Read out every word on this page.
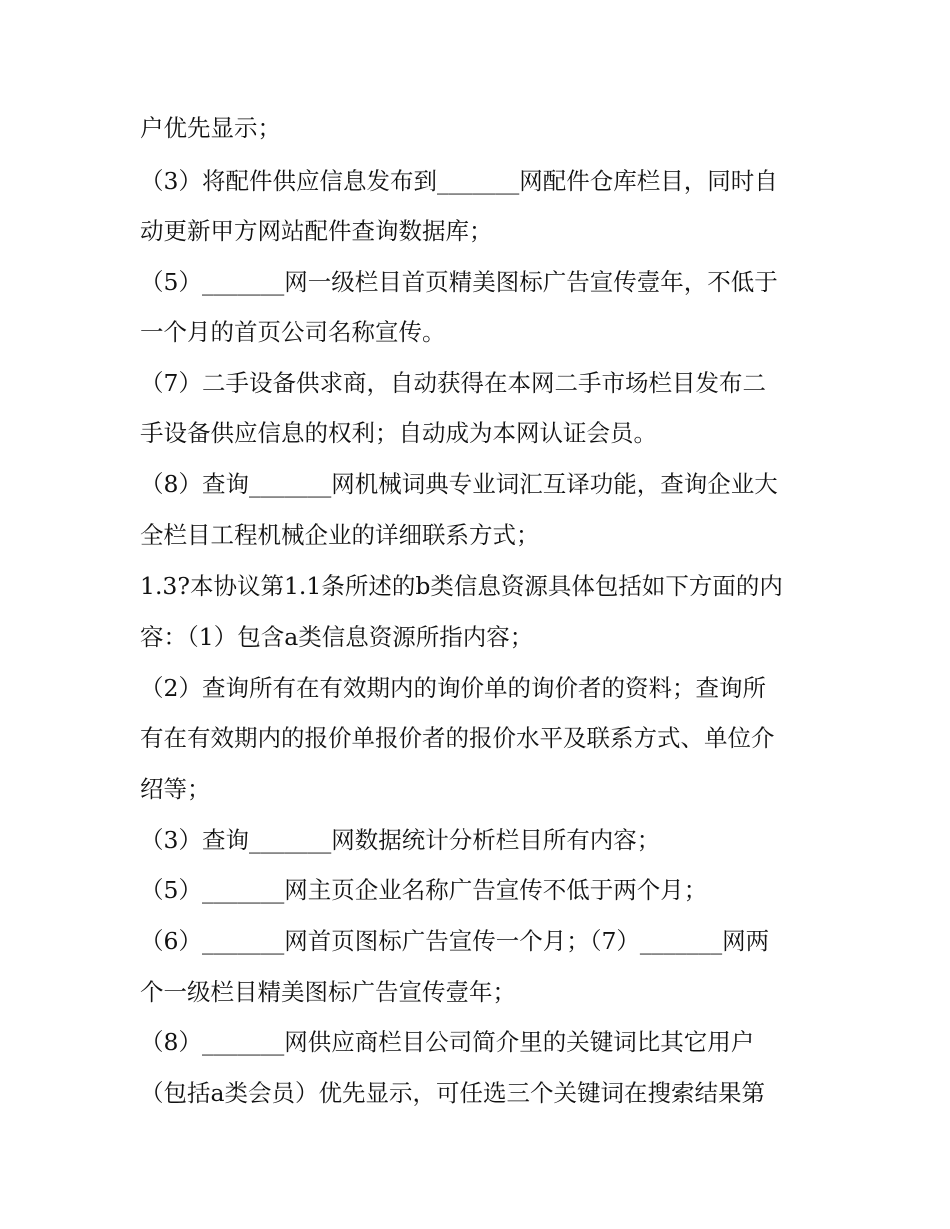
户优先显示；
（3）将配件供应信息发布到_______网配件仓库栏目，同时自
动更新甲方网站配件查询数据库；
（5）_______网一级栏目首页精美图标广告宣传壹年，不低于
一个月的首页公司名称宣传。
（7）二手设备供求商，自动获得在本网二手市场栏目发布二
手设备供应信息的权利；自动成为本网认证会员。
（8）查询_______网机械词典专业词汇互译功能，查询企业大
全栏目工程机械企业的详细联系方式；
1.3?本协议第1.1条所述的b类信息资源具体包括如下方面的内
容：（1）包含a类信息资源所指内容；
（2）查询所有在有效期内的询价单的询价者的资料；查询所
有在有效期内的报价单报价者的报价水平及联系方式、单位介
绍等；
（3）查询_______网数据统计分析栏目所有内容；
（5）_______网主页企业名称广告宣传不低于两个月；
（6）_______网首页图标广告宣传一个月；（7）_______网两
个一级栏目精美图标广告宣传壹年；
（8）_______网供应商栏目公司简介里的关键词比其它用户
（包括a类会员）优先显示，可任选三个关键词在搜索结果第
